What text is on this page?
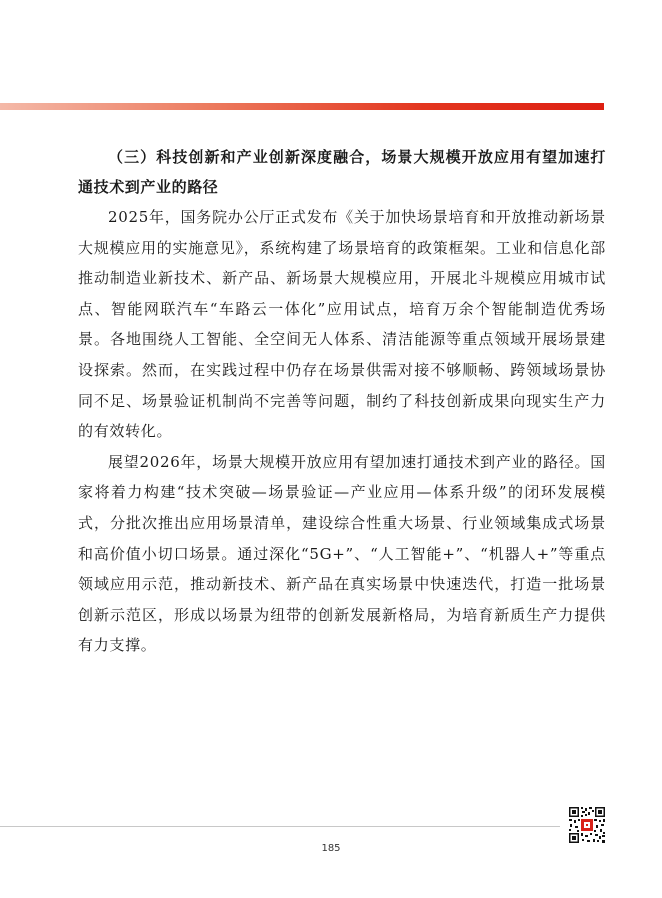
（三）科技创新和产业创新深度融合，场景大规模开放应用有望加速打通技术到产业的路径

2025年，国务院办公厅正式发布《关于加快场景培育和开放推动新场景大规模应用的实施意见》，系统构建了场景培育的政策框架。工业和信息化部推动制造业新技术、新产品、新场景大规模应用，开展北斗规模应用城市试点、智能网联汽车“车路云一体化”应用试点，培育万余个智能制造优秀场景。各地围绕人工智能、全空间无人体系、清洁能源等重点领域开展场景建设探索。然而，在实践过程中仍存在场景供需对接不够顺畅、跨领域场景协同不足、场景验证机制尚不完善等问题，制约了科技创新成果向现实生产力的有效转化。

展望2026年，场景大规模开放应用有望加速打通技术到产业的路径。国家将着力构建“技术突破—场景验证—产业应用—体系升级”的闭环发展模式，分批次推出应用场景清单，建设综合性重大场景、行业领域集成式场景和高价值小切口场景。通过深化“5G+”、“人工智能+”、“机器人+”等重点领域应用示范，推动新技术、新产品在真实场景中快速迭代，打造一批场景创新示范区，形成以场景为纽带的创新发展新格局，为培育新质生产力提供有力支撑。

185
